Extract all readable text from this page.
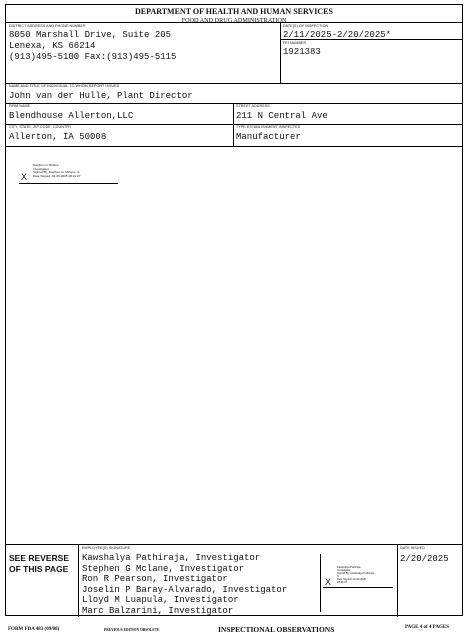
DEPARTMENT OF HEALTH AND HUMAN SERVICES
FOOD AND DRUG ADMINISTRATION
DISTRICT ADDRESS AND PHONE NUMBER
8050 Marshall Drive, Suite 205
Lenexa, KS 66214
(913)495-5100 Fax:(913)495-5115
DATE(S) OF INSPECTION
2/11/2025-2/20/2025*
FEI NUMBER
1921383
NAME AND TITLE OF INDIVIDUAL TO WHOM REPORT ISSUED
John van der Hulle, Plant Director
FIRM NAME
Blendhouse Allerton,LLC
STREET ADDRESS
211 N Central Ave
CITY, STATE, ZIP CODE, COUNTRY
Allerton, IA 50008
TYPE ESTABLISHMENT INSPECTED
Manufacturer
X
Stephen G Mclane
Investigator
Signed By: Stephen G. Mclane -S
Date Signed: 02-20-2025 18:21:27
SEE REVERSE
OF THIS PAGE
EMPLOYEE(S) SIGNATURE
Kawshalya Pathiraja, Investigator
Stephen G Mclane, Investigator
Ron R Pearson, Investigator
Joselin P Baray-Alvarado, Investigator
Lloyd M Luapula, Investigator
Marc Balzarini, Investigator
X
Kawshalya Pathiraja
Investigator
Signed By: Kawshalya Pathiraja -
S
Date Signed: 02-20-2025
18:26:37
DATE ISSUED
2/20/2025
FORM FDA 483 (09/08)	PREVIOUS EDITION OBSOLETE	INSPECTIONAL OBSERVATIONS	PAGE 4 of 4 PAGES
